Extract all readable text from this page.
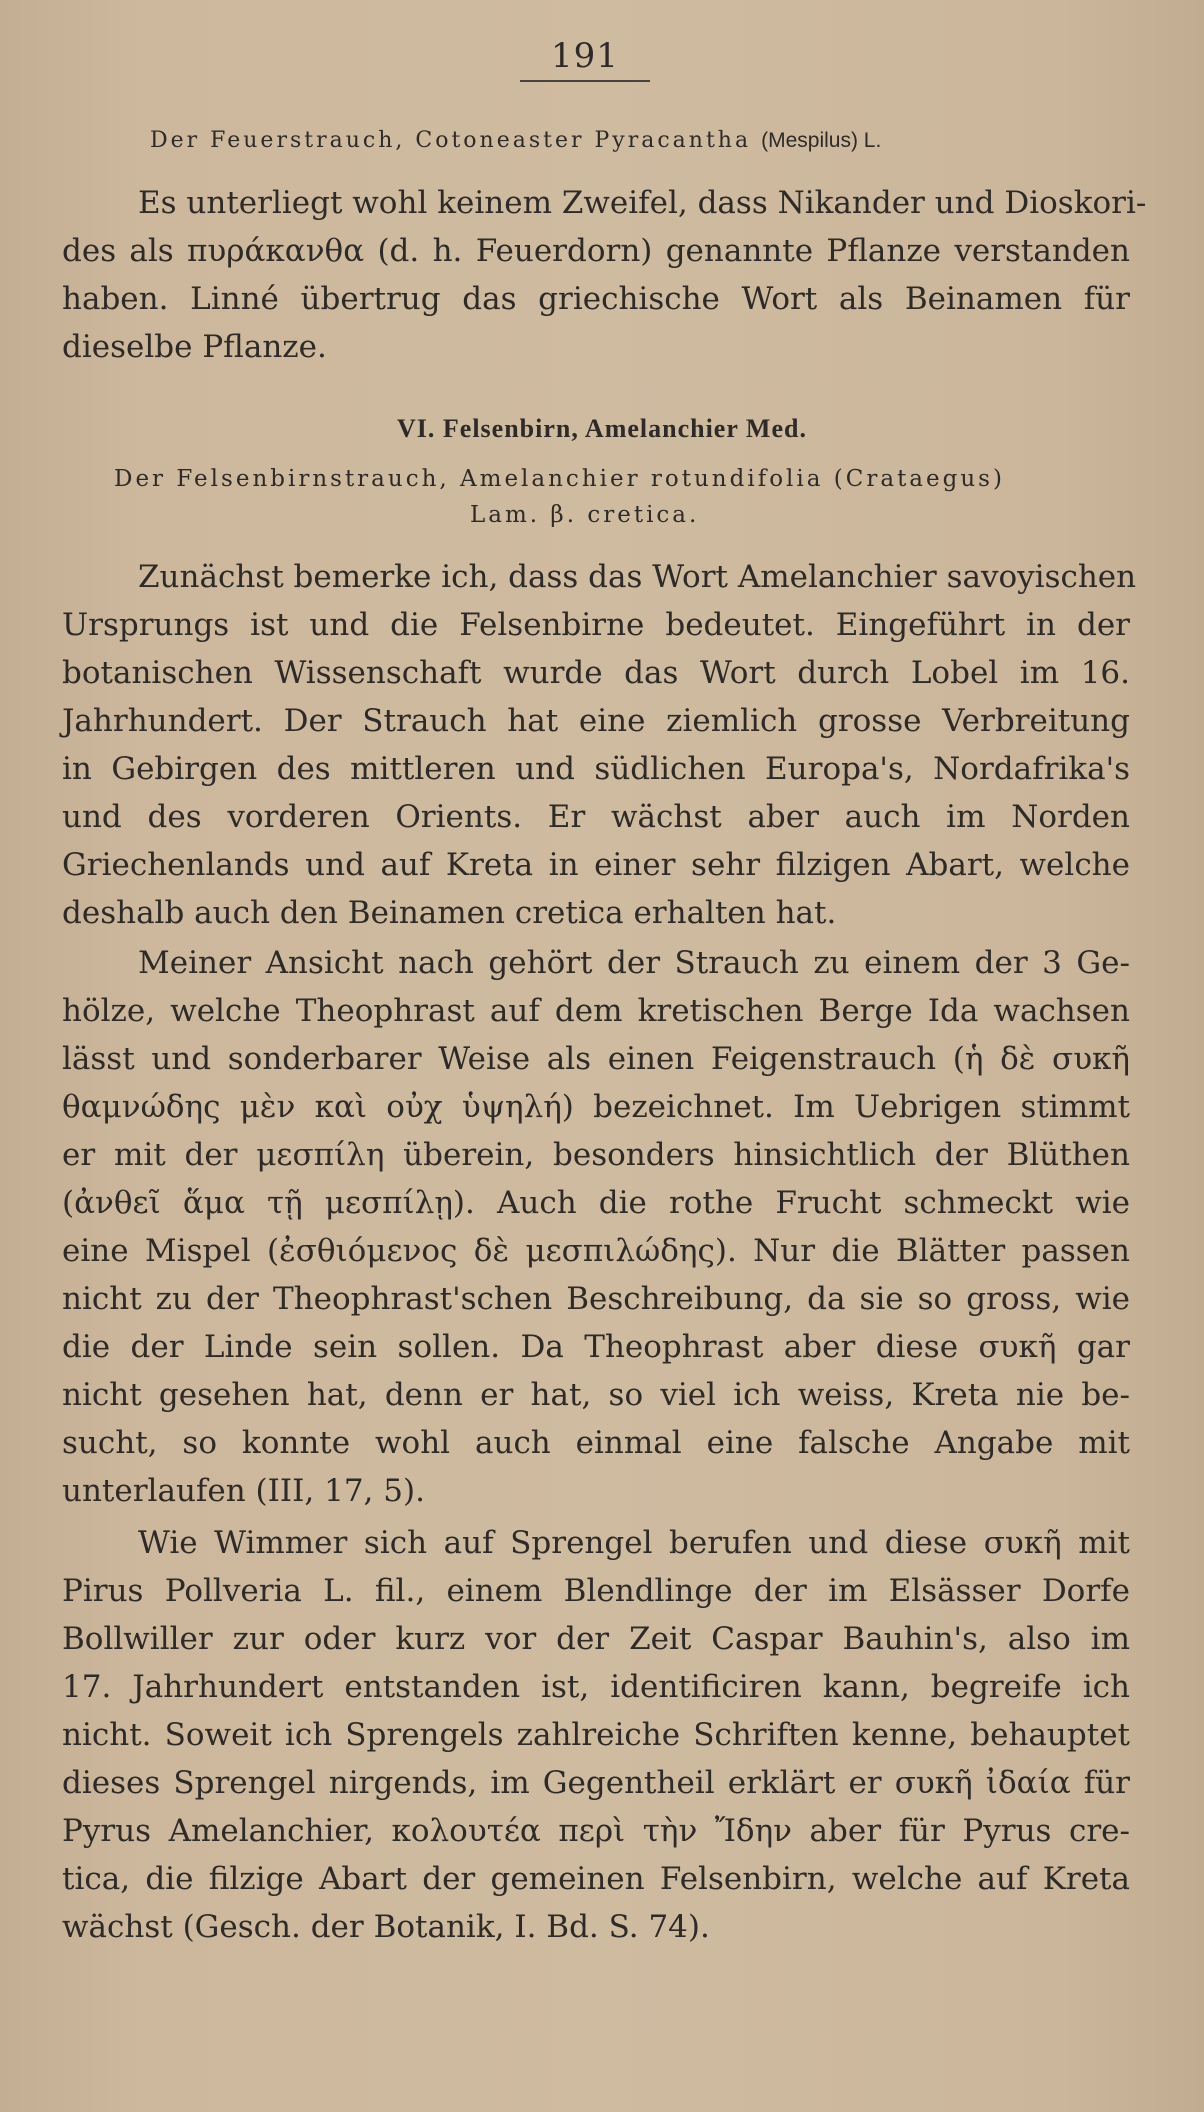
191
Der Feuerstrauch, Cotoneaster Pyracantha (Mespilus) L.
Es unterliegt wohl keinem Zweifel, dass Nikander und Dioskori-
des als πυράκανθα (d. h. Feuerdorn) genannte Pflanze verstanden
haben. Linné übertrug das griechische Wort als Beinamen für
dieselbe Pflanze.
VI. Felsenbirn, Amelanchier Med.
Der Felsenbirnstrauch, Amelanchier rotundifolia (Crataegus)
Lam. β. cretica.
Zunächst bemerke ich, dass das Wort Amelanchier savoyischen
Ursprungs ist und die Felsenbirne bedeutet. Eingeführt in der
botanischen Wissenschaft wurde das Wort durch Lobel im 16.
Jahrhundert. Der Strauch hat eine ziemlich grosse Verbreitung
in Gebirgen des mittleren und südlichen Europa's, Nordafrika's
und des vorderen Orients. Er wächst aber auch im Norden
Griechenlands und auf Kreta in einer sehr filzigen Abart, welche
deshalb auch den Beinamen cretica erhalten hat.
Meiner Ansicht nach gehört der Strauch zu einem der 3 Ge-
hölze, welche Theophrast auf dem kretischen Berge Ida wachsen
lässt und sonderbarer Weise als einen Feigenstrauch (ἡ δὲ συκῆ
θαμνώδης μὲν καὶ οὐχ ὑψηλή) bezeichnet. Im Uebrigen stimmt
er mit der μεσπίλη überein, besonders hinsichtlich der Blüthen
(ἀνθεῖ ἅμα τῇ μεσπίλῃ). Auch die rothe Frucht schmeckt wie
eine Mispel (ἐσθιόμενος δὲ μεσπιλώδης). Nur die Blätter passen
nicht zu der Theophrast'schen Beschreibung, da sie so gross, wie
die der Linde sein sollen. Da Theophrast aber diese συκῆ gar
nicht gesehen hat, denn er hat, so viel ich weiss, Kreta nie be-
sucht, so konnte wohl auch einmal eine falsche Angabe mit
unterlaufen (III, 17, 5).
Wie Wimmer sich auf Sprengel berufen und diese συκῆ mit
Pirus Pollveria L. fil., einem Blendlinge der im Elsässer Dorfe
Bollwiller zur oder kurz vor der Zeit Caspar Bauhin's, also im
17. Jahrhundert entstanden ist, identificiren kann, begreife ich
nicht. Soweit ich Sprengels zahlreiche Schriften kenne, behauptet
dieses Sprengel nirgends, im Gegentheil erklärt er συκῆ ἰδαία für
Pyrus Amelanchier, κολουτέα περὶ τὴν Ἴδην aber für Pyrus cre-
tica, die filzige Abart der gemeinen Felsenbirn, welche auf Kreta
wächst (Gesch. der Botanik, I. Bd. S. 74).
